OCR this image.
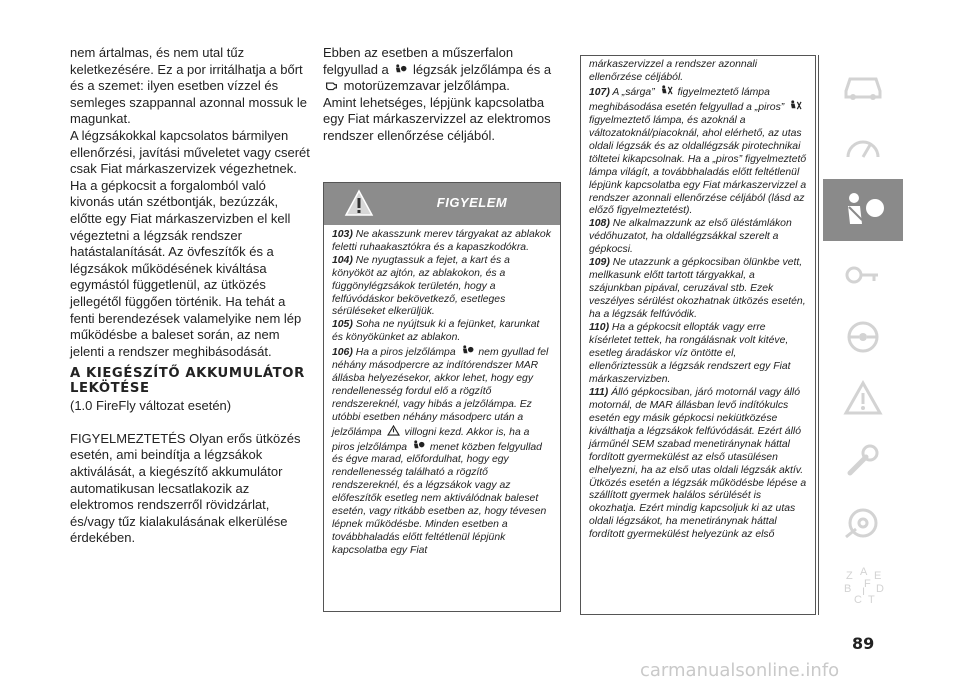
nem ártalmas, és nem utal tűz keletkezésére. Ez a por irritálhatja a bőrt és a szemet: ilyen esetben vízzel és semleges szappannal azonnal mossuk le magunkat.

A légzsákokkal kapcsolatos bármilyen ellenőrzési, javítási műveletet vagy cserét csak Fiat márkaszervizek végezhetnek.

Ha a gépkocsit a forgalomból való kivonás után szétbontják, bezúzzák, előtte egy Fiat márkaszervizben el kell végeztetni a légzsák rendszer hatástalanítását. Az övfeszítők és a légzsákok működésének kiváltása egymástól függetlenül, az ütközés jellegétől függően történik. Ha tehát a fenti berendezések valamelyike nem lép működésbe a baleset során, az nem jelenti a rendszer meghibásodását.

A KIEGÉSZÍTŐ AKKUMULÁTOR LEKÖTÉSE

(1.0 FireFly változat esetén)

FIGYELMEZTETÉS Olyan erős ütközés esetén, ami beindítja a légzsákok aktiválását, a kiegészítő akkumulátor automatikusan lecsatlakozik az elektromos rendszerről rövidzárlat, és/vagy tűz kialakulásának elkerülése érdekében.

Ebben az esetben a műszerfalon felgyullad a légzsák jelzőlámpa és a  motorüzemzavar jelzőlámpa.

Amint lehetséges, lépjünk kapcsolatba egy Fiat márkaszervizzel az elektromos rendszer ellenőrzése céljából.

FIGYELEM

103) Ne akasszunk merev tárgyakat az ablakok feletti ruhaakasztókra és a kapaszkodókra.

104) Ne nyugtassuk a fejet, a kart és a könyököt az ajtón, az ablakokon, és a függönylégzsákok területén, hogy a felfúvódáskor bekövetkező, esetleges sérüléseket elkerüljük.

105) Soha ne nyújtsuk ki a fejünket, karunkat és könyökünket az ablakon.

106) Ha a piros jelzőlámpa nem gyullad fel néhány másodpercre az indítórendszer MAR állásba helyezésekor, akkor lehet, hogy egy rendellenesség fordul elő a rögzítő rendszereknél, vagy hibás a jelzőlámpa. Ez utóbbi esetben néhány másodperc után a jelzőlámpa villogni kezd. Akkor is, ha a piros jelzőlámpa menet közben felgyullad és égve marad, előfordulhat, hogy egy rendellenesség található a rögzítő rendszereknél, és a légzsákok vagy az előfeszítők esetleg nem aktiválódnak baleset esetén, vagy ritkább esetben az, hogy tévesen lépnek működésbe. Minden esetben a továbbhaladás előtt feltétlenül lépjünk kapcsolatba egy Fiat

márkaszervizzel a rendszer azonnali ellenőrzése céljából.

107) A „sárga” figyelmeztető lámpa meghibásodása esetén felgyullad a „piros”  figyelmeztető lámpa, és azoknál a változatoknál/piacoknál, ahol elérhető, az utas oldali légzsák és az oldallégzsák pirotechnikai töltetei kikapcsolnak. Ha a „piros” figyelmeztető lámpa világít, a továbbhaladás előtt feltétlenül lépjünk kapcsolatba egy Fiat márkaszervizzel a rendszer azonnali ellenőrzése céljából (lásd az előző figyelmeztetést).

108) Ne alkalmazzunk az első üléstámlákon védőhuzatot, ha oldallégzsákkal szerelt a gépkocsi.

109) Ne utazzunk a gépkocsiban ölünkbe vett, mellkasunk előtt tartott tárgyakkal, a szájunkban pipával, ceruzával stb. Ezek veszélyes sérülést okozhatnak ütközés esetén, ha a légzsák felfúvódik.

110) Ha a gépkocsit ellopták vagy erre kísérletet tettek, ha rongálásnak volt kitéve, esetleg áradáskor víz öntötte el, ellenőriztessük a légzsák rendszert egy Fiat márkaszervizben.

111) Álló gépkocsiban, járó motornál vagy álló motornál, de MAR állásban levő indítókulcs esetén egy másik gépkocsi nekiütközése kiválthatja a légzsákok felfúvódását. Ezért álló járműnél SEM szabad menetiránynak háttal fordított gyermekülést az első utasülésen elhelyezni, ha az első utas oldali légzsák aktív. Ütközés esetén a légzsák működésbe lépése a szállított gyermek halálos sérülését is okozhatja. Ezért mindig kapcsoljuk ki az utas oldali légzsákot, ha menetiránynak háttal fordított gyermekülést helyezünk az első

Z A E
B
C
D
T
I
F
89
carmanualsonline.info
